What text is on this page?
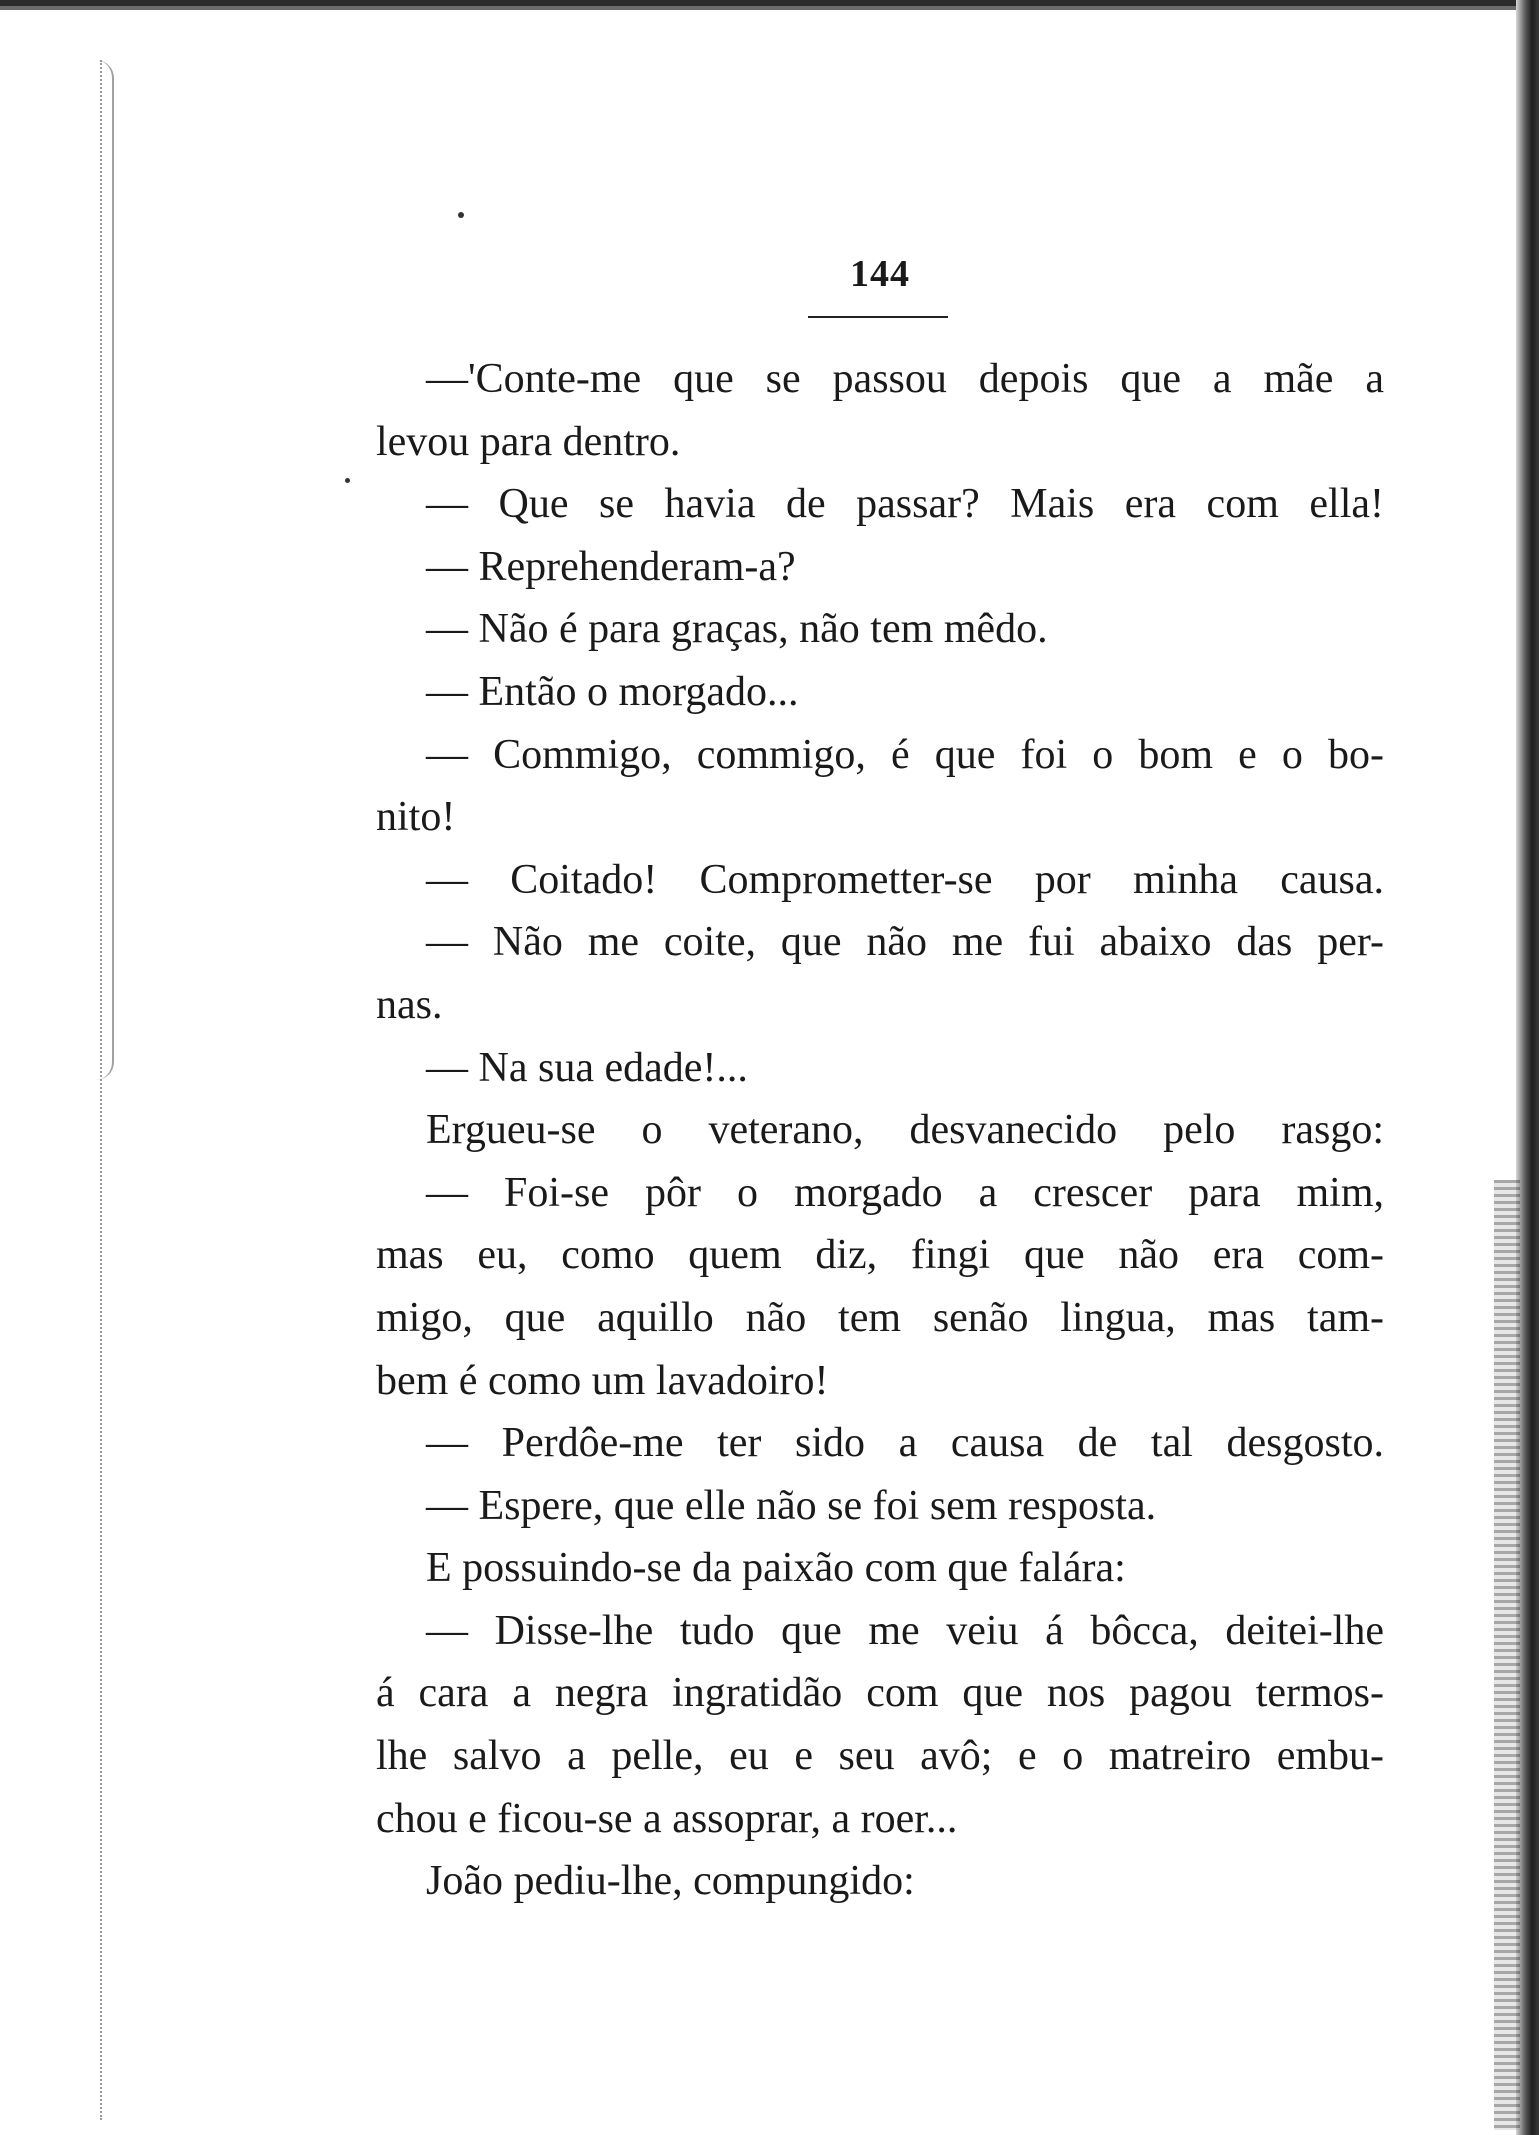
144
—'Conte-me que se passou depois que a mãe a
levou para dentro.
— Que se havia de passar? Mais era com ella!
— Reprehenderam-a?
— Não é para graças, não tem mêdo.
— Então o morgado...
— Commigo, commigo, é que foi o bom e o bo-
nito!
— Coitado! Comprometter-se por minha causa.
— Não me coite, que não me fui abaixo das per-
nas.
— Na sua edade!...
Ergueu-se o veterano, desvanecido pelo rasgo:
— Foi-se pôr o morgado a crescer para mim,
mas eu, como quem diz, fingi que não era com-
migo, que aquillo não tem senão lingua, mas tam-
bem é como um lavadoiro!
— Perdôe-me ter sido a causa de tal desgosto.
— Espere, que elle não se foi sem resposta.
E possuindo-se da paixão com que falára:
— Disse-lhe tudo que me veiu á bôcca, deitei-lhe
á cara a negra ingratidão com que nos pagou termos-
lhe salvo a pelle, eu e seu avô; e o matreiro embu-
chou e ficou-se a assoprar, a roer...
João pediu-lhe, compungido:
